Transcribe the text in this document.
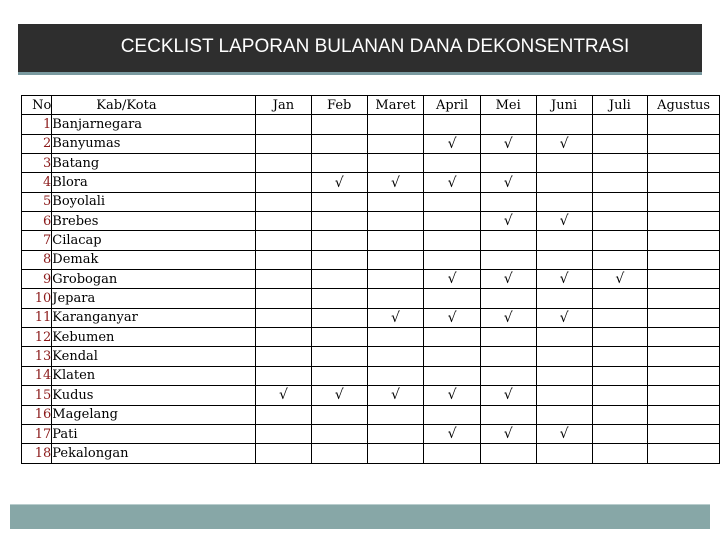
CECKLIST LAPORAN BULANAN DANA DEKONSENTRASI
No	Kab/Kota	Jan	Feb	Maret	April	Mei	Juni	Juli	Agustus
1	Banjarnegara								
2	Banyumas				√	√	√		
3	Batang								
4	Blora		√	√	√	√			
5	Boyolali								
6	Brebes					√	√		
7	Cilacap								
8	Demak								
9	Grobogan				√	√	√	√	
10	Jepara								
11	Karanganyar			√	√	√	√		
12	Kebumen								
13	Kendal								
14	Klaten								
15	Kudus	√	√	√	√	√			
16	Magelang								
17	Pati				√	√	√		
18	Pekalongan								
